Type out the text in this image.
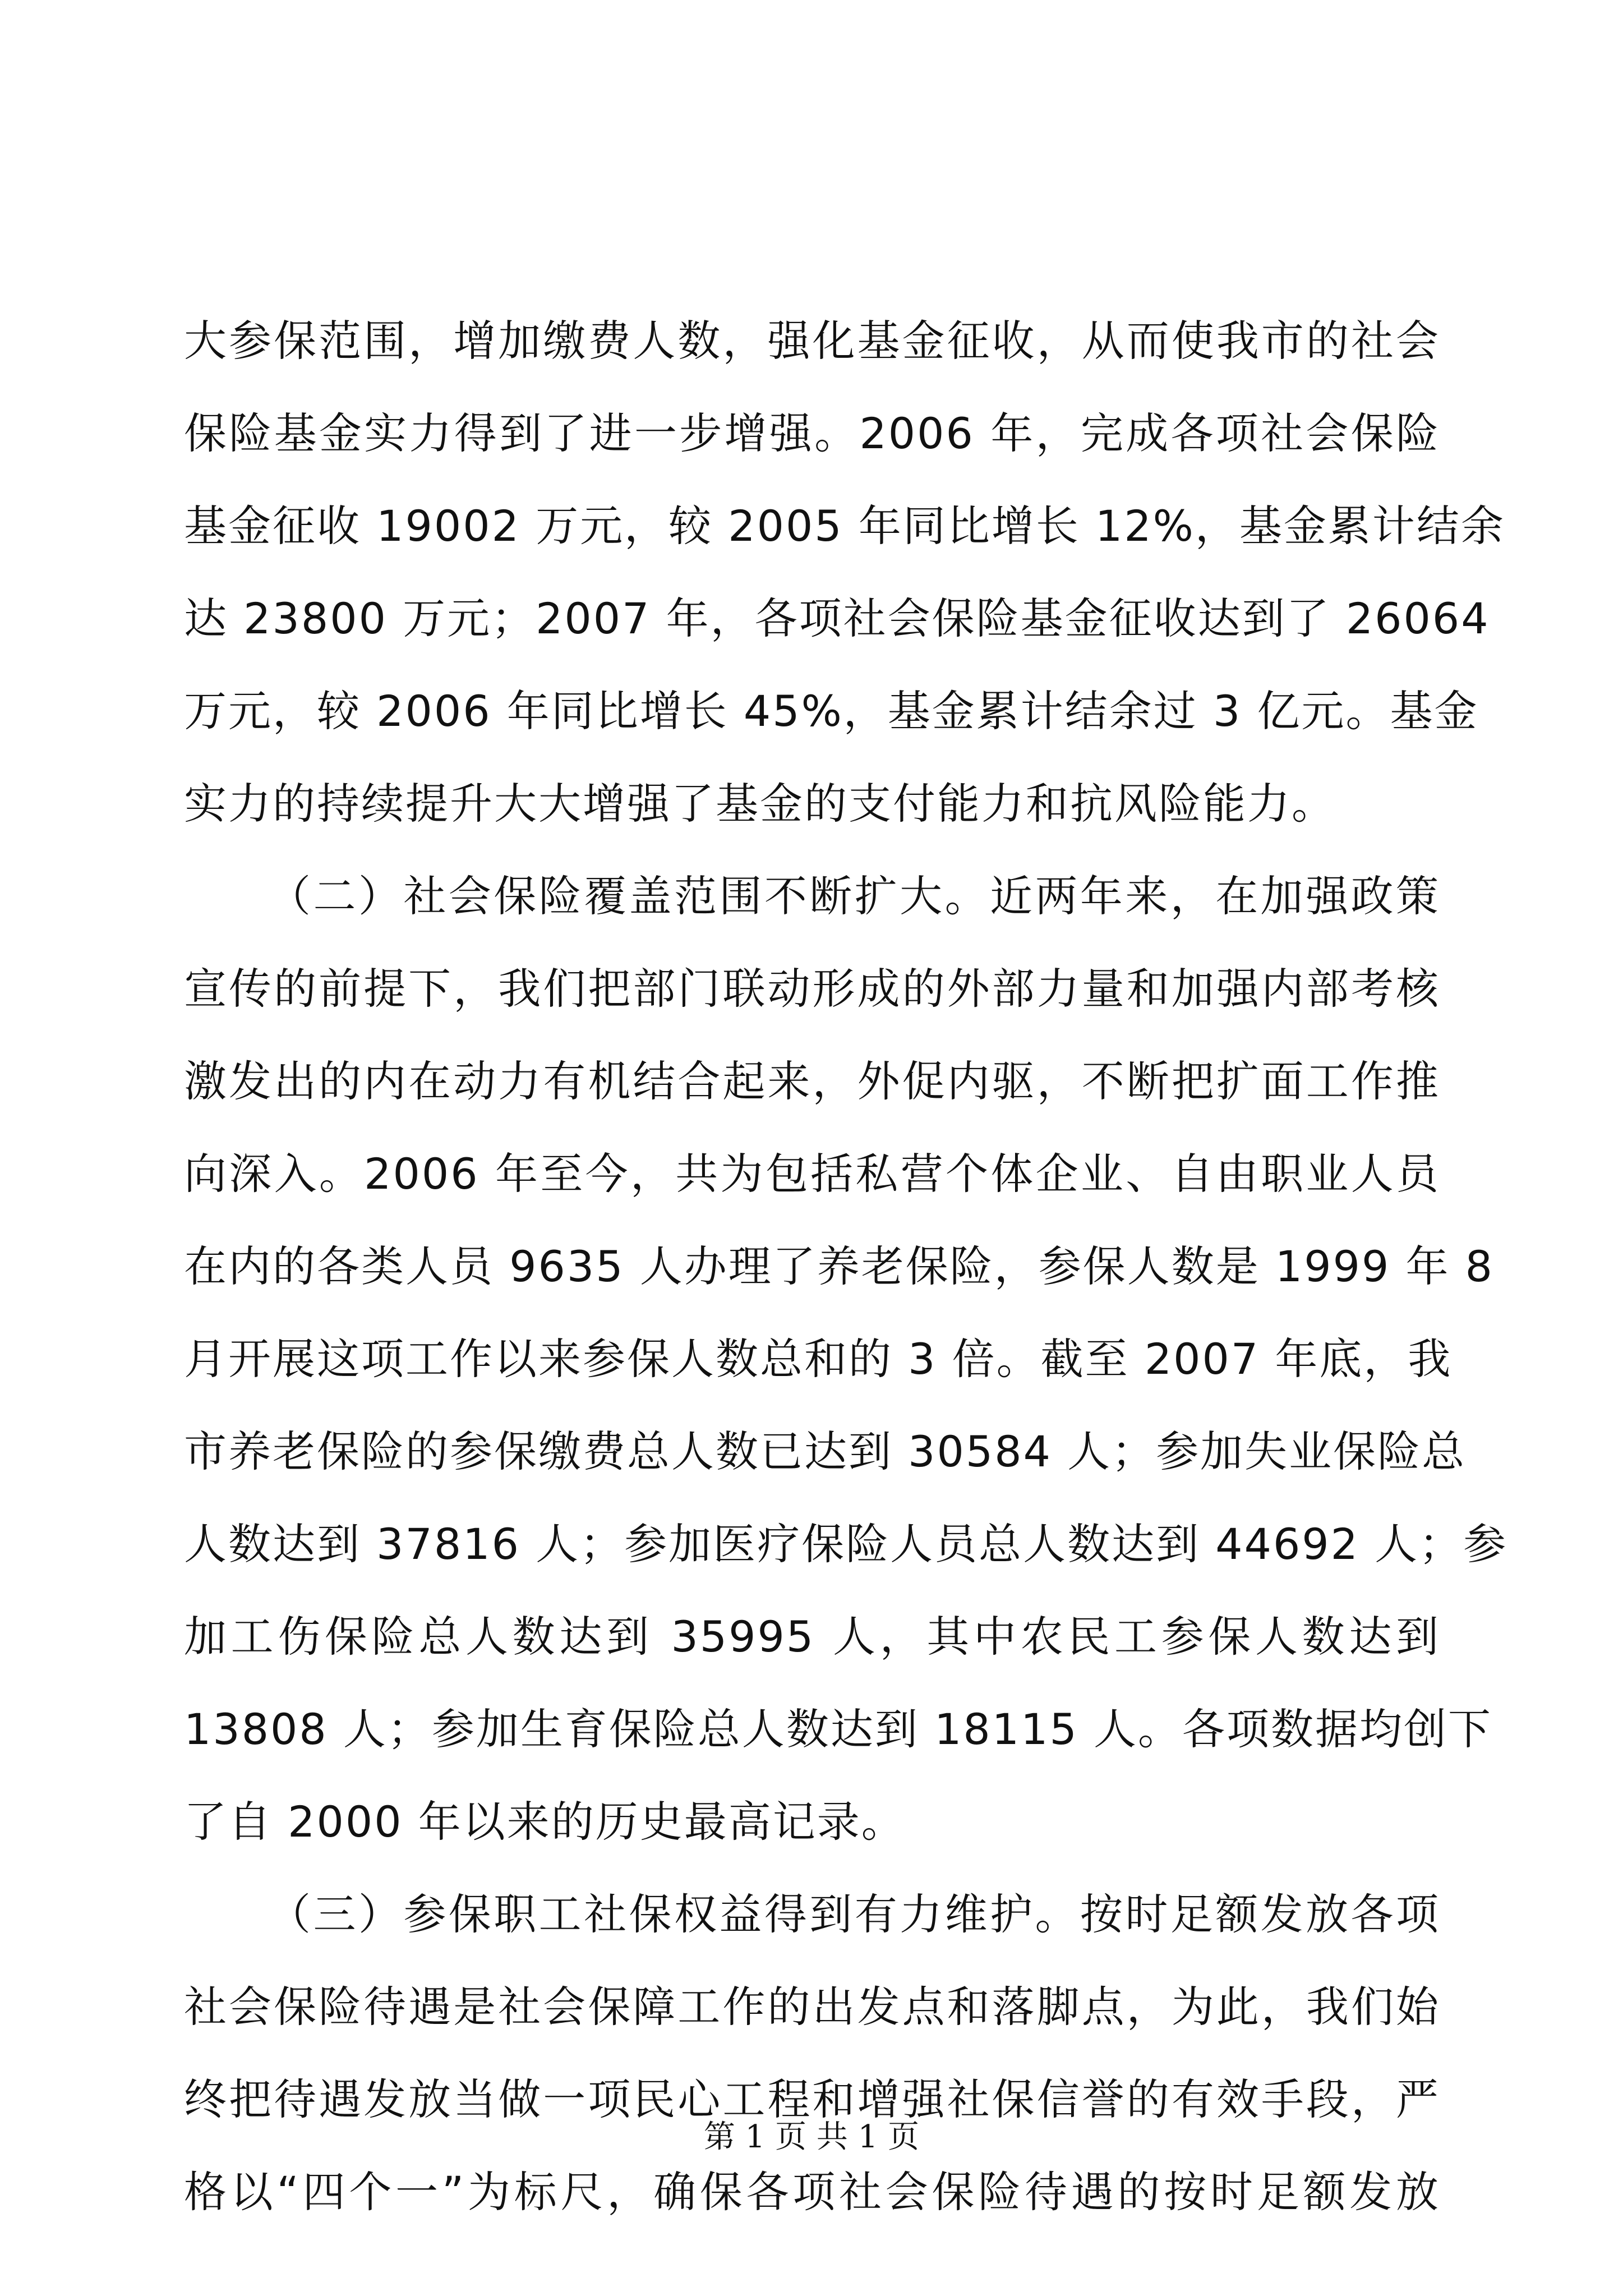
大参保范围，增加缴费人数，强化基金征收，从而使我市的社会
保险基金实力得到了进一步增强。2006 年，完成各项社会保险
基金征收 19002 万元，较 2005 年同比增长 12%，基金累计结余
达 23800 万元；2007 年，各项社会保险基金征收达到了 26064
万元，较 2006 年同比增长 45%，基金累计结余过 3 亿元。基金
实力的持续提升大大增强了基金的支付能力和抗风险能力。
（二）社会保险覆盖范围不断扩大。近两年来，在加强政策
宣传的前提下，我们把部门联动形成的外部力量和加强内部考核
激发出的内在动力有机结合起来，外促内驱，不断把扩面工作推
向深入。2006 年至今，共为包括私营个体企业、自由职业人员
在内的各类人员 9635 人办理了养老保险，参保人数是 1999 年 8
月开展这项工作以来参保人数总和的 3 倍。截至 2007 年底，我
市养老保险的参保缴费总人数已达到 30584 人；参加失业保险总
人数达到 37816 人；参加医疗保险人员总人数达到 44692 人；参
加工伤保险总人数达到 35995 人，其中农民工参保人数达到
13808 人；参加生育保险总人数达到 18115 人。各项数据均创下
了自 2000 年以来的历史最高记录。
（三）参保职工社保权益得到有力维护。按时足额发放各项
社会保险待遇是社会保障工作的出发点和落脚点，为此，我们始
终把待遇发放当做一项民心工程和增强社保信誉的有效手段，严
格以“四个一”为标尺，确保各项社会保险待遇的按时足额发放
第 1 页 共 1 页
